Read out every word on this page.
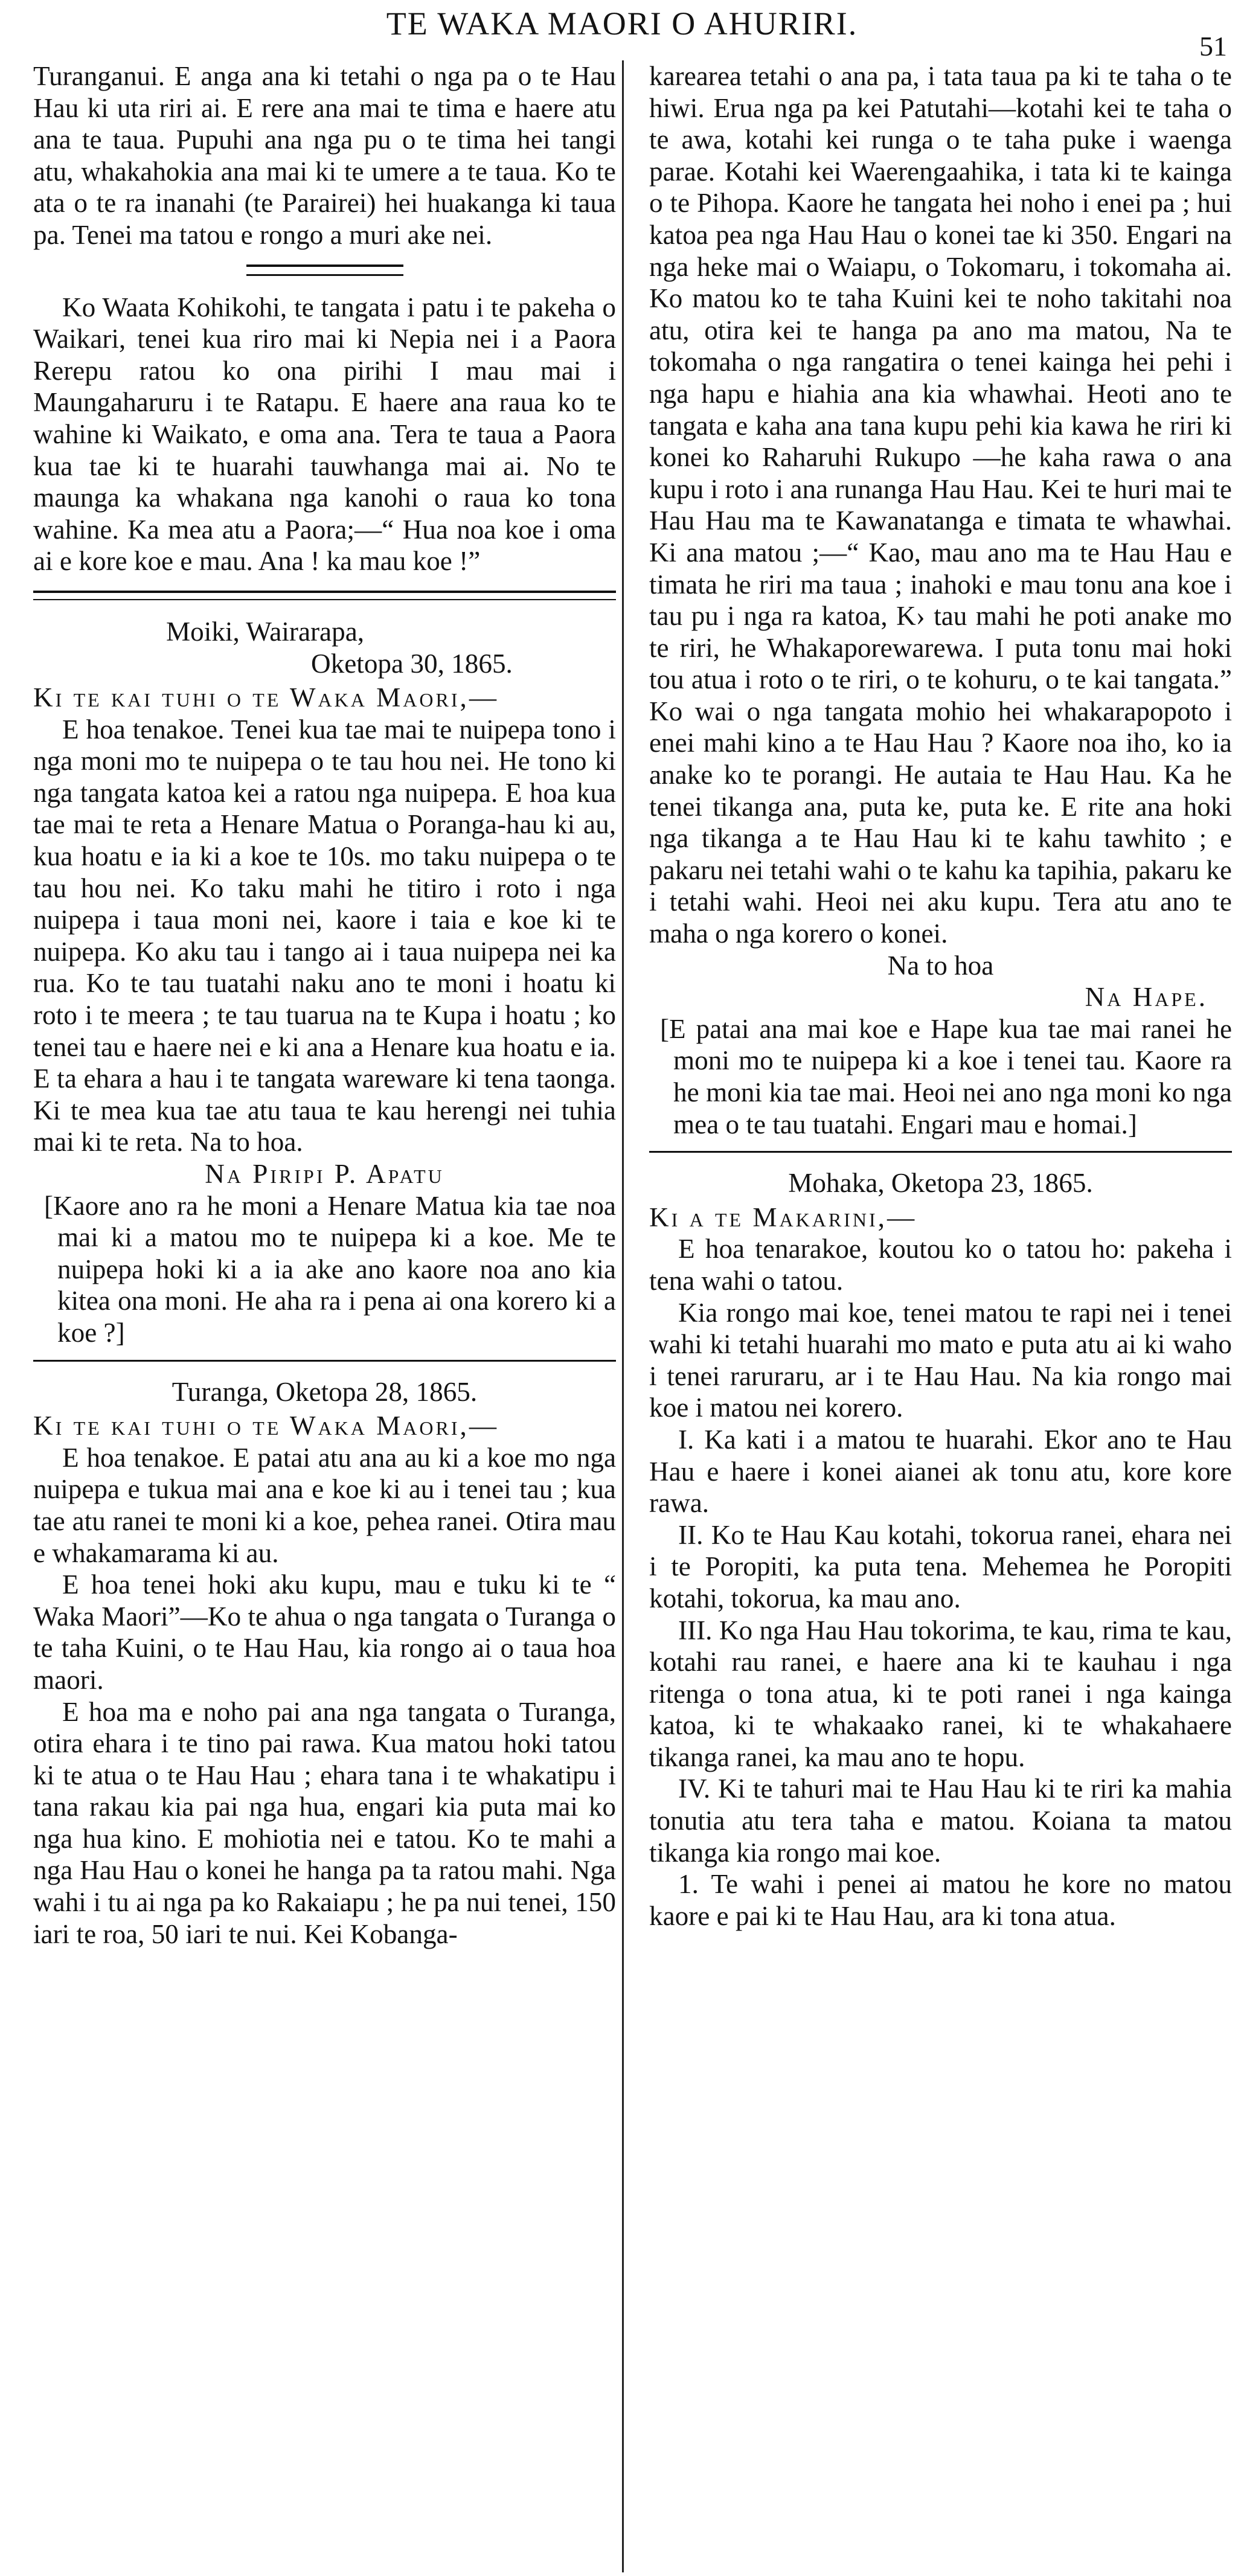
TE WAKA MAORI O AHURIRI.
51

Turanganui. E anga ana ki tetahi o nga pa o te Hau Hau ki uta riri ai. E rere ana mai te tima e haere atu ana te taua. Pupuhi ana nga pu o te tima hei tangi atu, whakahokia ana mai ki te umere a te taua. Ko te ata o te ra inanahi (te Parairei) hei huakanga ki taua pa. Tenei ma tatou e rongo a muri ake nei.

Ko Waata Kohikohi, te tangata i patu i te pakeha o Waikari, tenei kua riro mai ki Nepia nei i a Paora Rerepu ratou ko ona pirihi I mau mai i Maungaharuru i te Ratapu. E haere ana raua ko te wahine ki Waikato, e oma ana. Tera te taua a Paora kua tae ki te huarahi tauwhanga mai ai. No te maunga ka whakana nga kanohi o raua ko tona wahine. Ka mea atu a Paora;—“ Hua noa koe i oma ai e kore koe e mau. Ana ! ka mau koe !”

Moiki, Wairarapa,
Oketopa 30, 1865.
Ki te kai tuhi o te Waka Maori,—

E hoa tenakoe. Tenei kua tae mai te nuipepa tono i nga moni mo te nuipepa o te tau hou nei. He tono ki nga tangata katoa kei a ratou nga nuipepa. E hoa kua tae mai te reta a Henare Matua o Poranga-hau ki au, kua hoatu e ia ki a koe te 10s. mo taku nuipepa o te tau hou nei. Ko taku mahi he titiro i roto i nga nuipepa i taua moni nei, kaore i taia e koe ki te nuipepa. Ko aku tau i tango ai i taua nuipepa nei ka rua. Ko te tau tuatahi naku ano te moni i hoatu ki roto i te meera ; te tau tuarua na te Kupa i hoatu ; ko tenei tau e haere nei e ki ana a Henare kua hoatu e ia. E ta ehara a hau i te tangata wareware ki tena taonga. Ki te mea kua tae atu taua te kau herengi nei tuhia mai ki te reta. Na to hoa.

Na Piripi P. Apatu

[Kaore ano ra he moni a Henare Matua kia tae noa mai ki a matou mo te nuipepa ki a koe. Me te nuipepa hoki ki a ia ake ano kaore noa ano kia kitea ona moni. He aha ra i pena ai ona korero ki a koe ?]

Turanga, Oketopa 28, 1865.
Ki te kai tuhi o te Waka Maori,—

E hoa tenakoe. E patai atu ana au ki a koe mo nga nuipepa e tukua mai ana e koe ki au i tenei tau ; kua tae atu ranei te moni ki a koe, pehea ranei. Otira mau e whakamarama ki au.

E hoa tenei hoki aku kupu, mau e tuku ki te “ Waka Maori”—Ko te ahua o nga tangata o Turanga o te taha Kuini, o te Hau Hau, kia rongo ai o taua hoa maori.

E hoa ma e noho pai ana nga tangata o Turanga, otira ehara i te tino pai rawa. Kua matou hoki tatou ki te atua o te Hau Hau ; ehara tana i te whakatipu i tana rakau kia pai nga hua, engari kia puta mai ko nga hua kino. E mohiotia nei e tatou. Ko te mahi a nga Hau Hau o konei he hanga pa ta ratou mahi. Nga wahi i tu ai nga pa ko Rakaiapu ; he pa nui tenei, 150 iari te roa, 50 iari te nui. Kei Kobanga-

karearea tetahi o ana pa, i tata taua pa ki te taha o te hiwi. Erua nga pa kei Patutahi—kotahi kei te taha o te awa, kotahi kei runga o te taha puke i waenga parae. Kotahi kei Waerengaahika, i tata ki te kainga o te Pihopa. Kaore he tangata hei noho i enei pa ; hui katoa pea nga Hau Hau o konei tae ki 350. Engari na nga heke mai o Waiapu, o Tokomaru, i tokomaha ai. Ko matou ko te taha Kuini kei te noho takitahi noa atu, otira kei te hanga pa ano ma matou, Na te tokomaha o nga rangatira o tenei kainga hei pehi i nga hapu e hiahia ana kia whawhai. Heoti ano te tangata e kaha ana tana kupu pehi kia kawa he riri ki konei ko Raharuhi Rukupo —he kaha rawa o ana kupu i roto i ana runanga Hau Hau. Kei te huri mai te Hau Hau ma te Kawanatanga e timata te whawhai. Ki ana matou ;—“ Kao, mau ano ma te Hau Hau e timata he riri ma taua ; inahoki e mau tonu ana koe i tau pu i nga ra katoa, K› tau mahi he poti anake mo te riri, he Whakaporewarewa. I puta tonu mai hoki tou atua i roto o te riri, o te kohuru, o te kai tangata.” Ko wai o nga tangata mohio hei whakarapopoto i enei mahi kino a te Hau Hau ? Kaore noa iho, ko ia anake ko te porangi. He autaia te Hau Hau. Ka he tenei tikanga ana, puta ke, puta ke. E rite ana hoki nga tikanga a te Hau Hau ki te kahu tawhito ; e pakaru nei tetahi wahi o te kahu ka tapihia, pakaru ke i tetahi wahi. Heoi nei aku kupu. Tera atu ano te maha o nga korero o konei.

Na to hoa
Na Hape.

[E patai ana mai koe e Hape kua tae mai ranei he moni mo te nuipepa ki a koe i tenei tau. Kaore ra he moni kia tae mai. Heoi nei ano nga moni ko nga mea o te tau tuatahi. Engari mau e homai.]

Mohaka, Oketopa 23, 1865.
Ki a te Makarini,—

E hoa tenarakoe, koutou ko o tatou ho: pakeha i tena wahi o tatou.

Kia rongo mai koe, tenei matou te rapi nei i tenei wahi ki tetahi huarahi mo mato e puta atu ai ki waho i tenei raruraru, ar i te Hau Hau. Na kia rongo mai koe i matou nei korero.

I. Ka kati i a matou te huarahi. Ekor ano te Hau Hau e haere i konei aianei ak tonu atu, kore kore rawa.

II. Ko te Hau Kau kotahi, tokorua ranei, ehara nei i te Poropiti, ka puta tena. Mehemea he Poropiti kotahi, tokorua, ka mau ano.

III. Ko nga Hau Hau tokorima, te kau, rima te kau, kotahi rau ranei, e haere ana ki te kauhau i nga ritenga o tona atua, ki te poti ranei i nga kainga katoa, ki te whakaako ranei, ki te whakahaere tikanga ranei, ka mau ano te hopu.

IV. Ki te tahuri mai te Hau Hau ki te riri ka mahia tonutia atu tera taha e matou. Koiana ta matou tikanga kia rongo mai koe.

1. Te wahi i penei ai matou he kore no matou kaore e pai ki te Hau Hau, ara ki tona atua.
